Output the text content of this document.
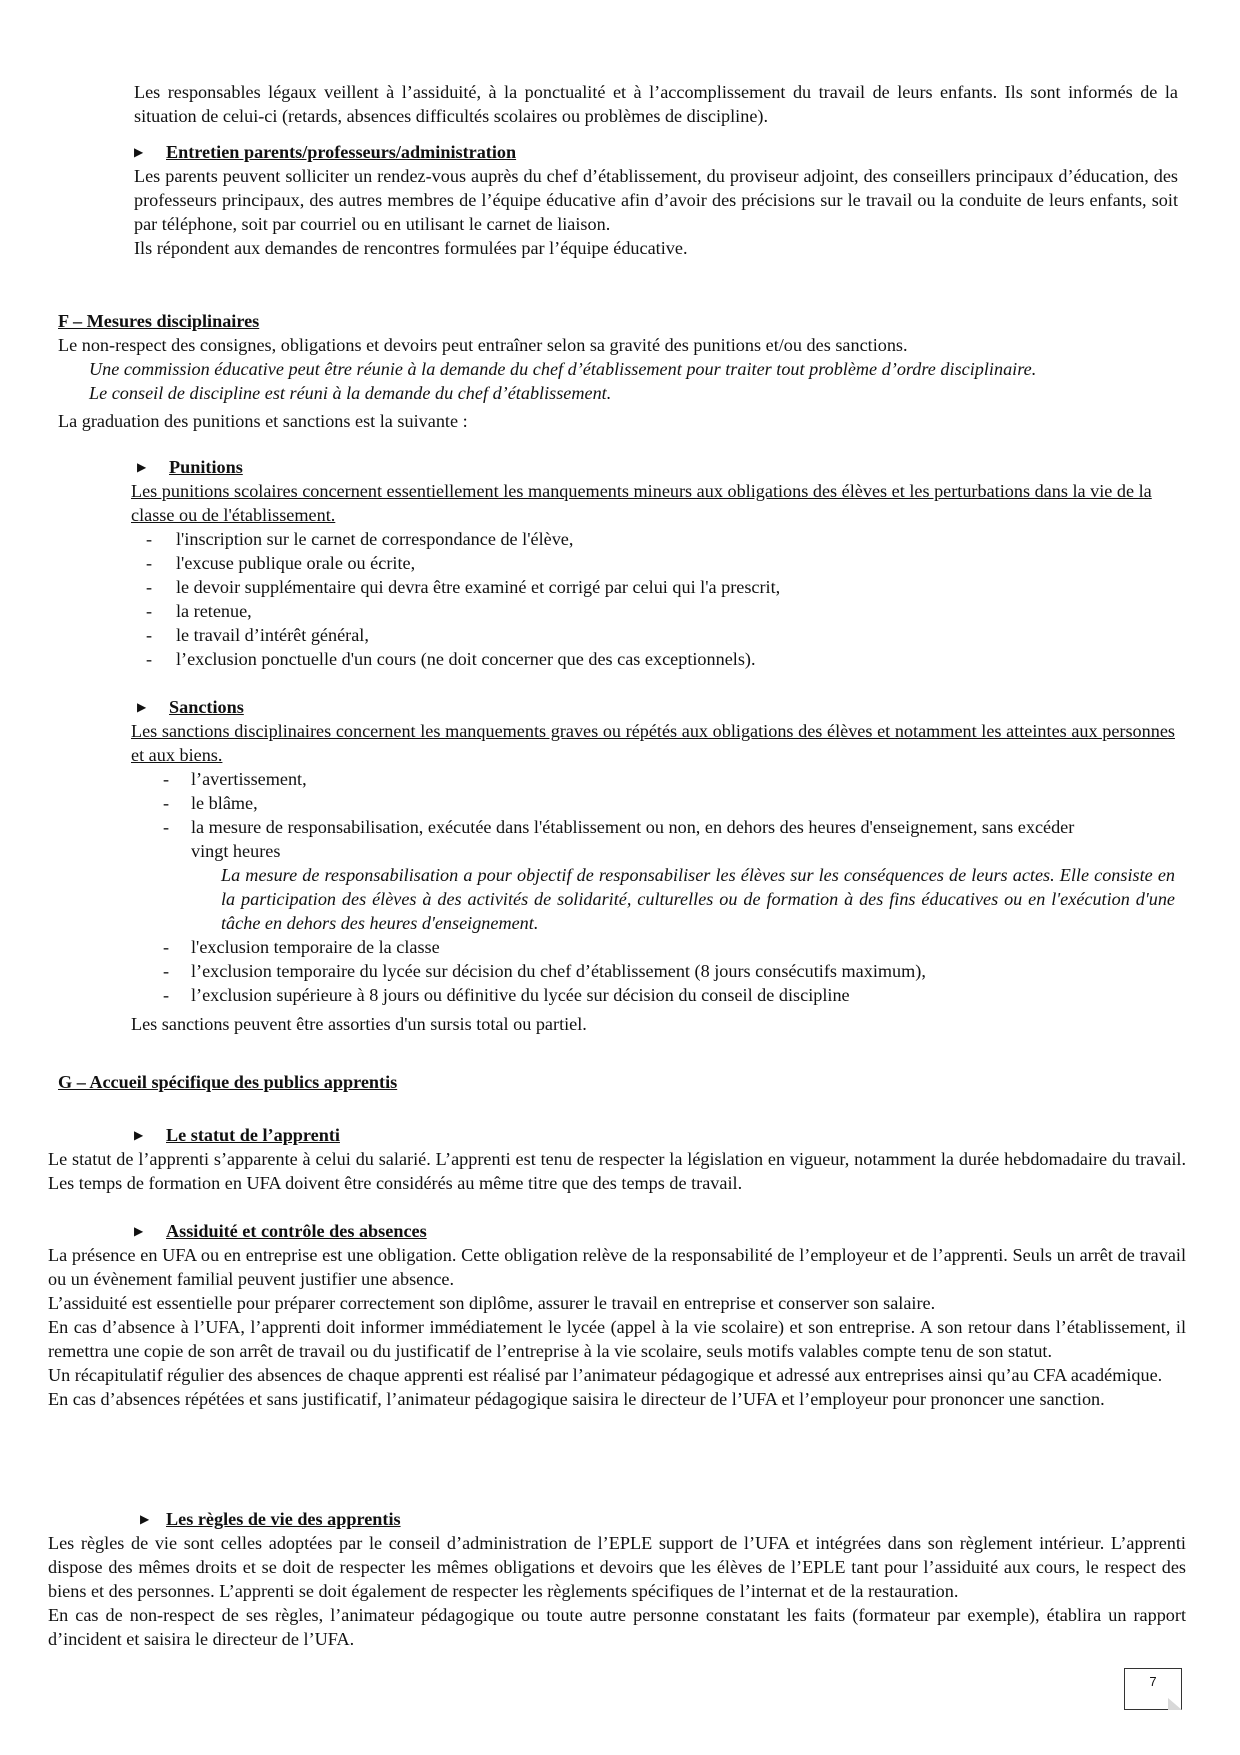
Les responsables légaux veillent à l’assiduité, à la ponctualité et à l’accomplissement du travail de leurs enfants. Ils sont informés de la situation de celui-ci (retards, absences difficultés scolaires ou problèmes de discipline).

▶	Entretien parents/professeurs/administration

Les parents peuvent solliciter un rendez-vous auprès du chef d’établissement, du proviseur adjoint, des conseillers principaux d’éducation, des professeurs principaux, des autres membres de l’équipe éducative afin d’avoir des précisions sur le travail ou la conduite de leurs enfants, soit par téléphone, soit par courriel ou en utilisant le carnet de liaison.

Ils répondent aux demandes de rencontres formulées par l’équipe éducative.

F – Mesures disciplinaires

Le non-respect des consignes, obligations et devoirs peut entraîner selon sa gravité des punitions et/ou des sanctions.

Une commission éducative peut être réunie à la demande du chef d’établissement pour traiter tout problème d’ordre disciplinaire.

Le conseil de discipline est réuni à la demande du chef d’établissement.

La graduation des punitions et sanctions est la suivante :

▶	Punitions

Les punitions scolaires concernent essentiellement les manquements mineurs aux obligations des élèves et les perturbations dans la vie de la classe ou de l'établissement.

- l'inscription sur le carnet de correspondance de l'élève,
- l'excuse publique orale ou écrite,
- le devoir supplémentaire qui devra être examiné et corrigé par celui qui l'a prescrit,
- la retenue,
- le travail d’intérêt général,
- l’exclusion ponctuelle d'un cours (ne doit concerner que des cas exceptionnels).
▶	Sanctions

Les sanctions disciplinaires concernent les manquements graves ou répétés aux obligations des élèves et notamment les atteintes aux personnes et aux biens.

- l’avertissement,
- le blâme,
- la mesure de responsabilisation, exécutée dans l'établissement ou non, en dehors des heures d'enseignement, sans excéder vingt heures

La mesure de responsabilisation a pour objectif de responsabiliser les élèves sur les conséquences de leurs actes. Elle consiste en la participation des élèves à des activités de solidarité, culturelles ou de formation à des fins éducatives ou en l'exécution d'une tâche en dehors des heures d'enseignement.

- l'exclusion temporaire de la classe
- l’exclusion temporaire du lycée sur décision du chef d’établissement (8 jours consécutifs maximum),
- l’exclusion supérieure à 8 jours ou définitive du lycée sur décision du conseil de discipline

Les sanctions peuvent être assorties d'un sursis total ou partiel.

G – Accueil spécifique des publics apprentis

▶	Le statut de l’apprenti

Le statut de l’apprenti s’apparente à celui du salarié. L’apprenti est tenu de respecter la législation en vigueur, notamment la durée hebdomadaire du travail. Les temps de formation en UFA doivent être considérés au même titre que des temps de travail.

▶	Assiduité et contrôle des absences

La présence en UFA ou en entreprise est une obligation. Cette obligation relève de la responsabilité de l’employeur et de l’apprenti. Seuls un arrêt de travail ou un évènement familial peuvent justifier une absence.

L’assiduité est essentielle pour préparer correctement son diplôme, assurer le travail en entreprise et conserver son salaire.

En cas d’absence à l’UFA, l’apprenti doit informer immédiatement le lycée (appel à la vie scolaire) et son entreprise. A son retour dans l’établissement, il remettra une copie de son arrêt de travail ou du justificatif de l’entreprise à la vie scolaire, seuls motifs valables compte tenu de son statut.

Un récapitulatif régulier des absences de chaque apprenti est réalisé par l’animateur pédagogique et adressé aux entreprises ainsi qu’au CFA académique.

En cas d’absences répétées et sans justificatif, l’animateur pédagogique saisira le directeur de l’UFA et l’employeur pour prononcer une sanction.

▶ Les règles de vie des apprentis

Les règles de vie sont celles adoptées par le conseil d’administration de l’EPLE support de l’UFA et intégrées dans son règlement intérieur. L’apprenti dispose des mêmes droits et se doit de respecter les mêmes obligations et devoirs que les élèves de l’EPLE tant pour l’assiduité aux cours, le respect des biens et des personnes. L’apprenti se doit également de respecter les règlements spécifiques de l’internat et de la restauration.

En cas de non-respect de ses règles, l’animateur pédagogique ou toute autre personne constatant les faits (formateur par exemple), établira un rapport d’incident et saisira le directeur de l’UFA.

7
